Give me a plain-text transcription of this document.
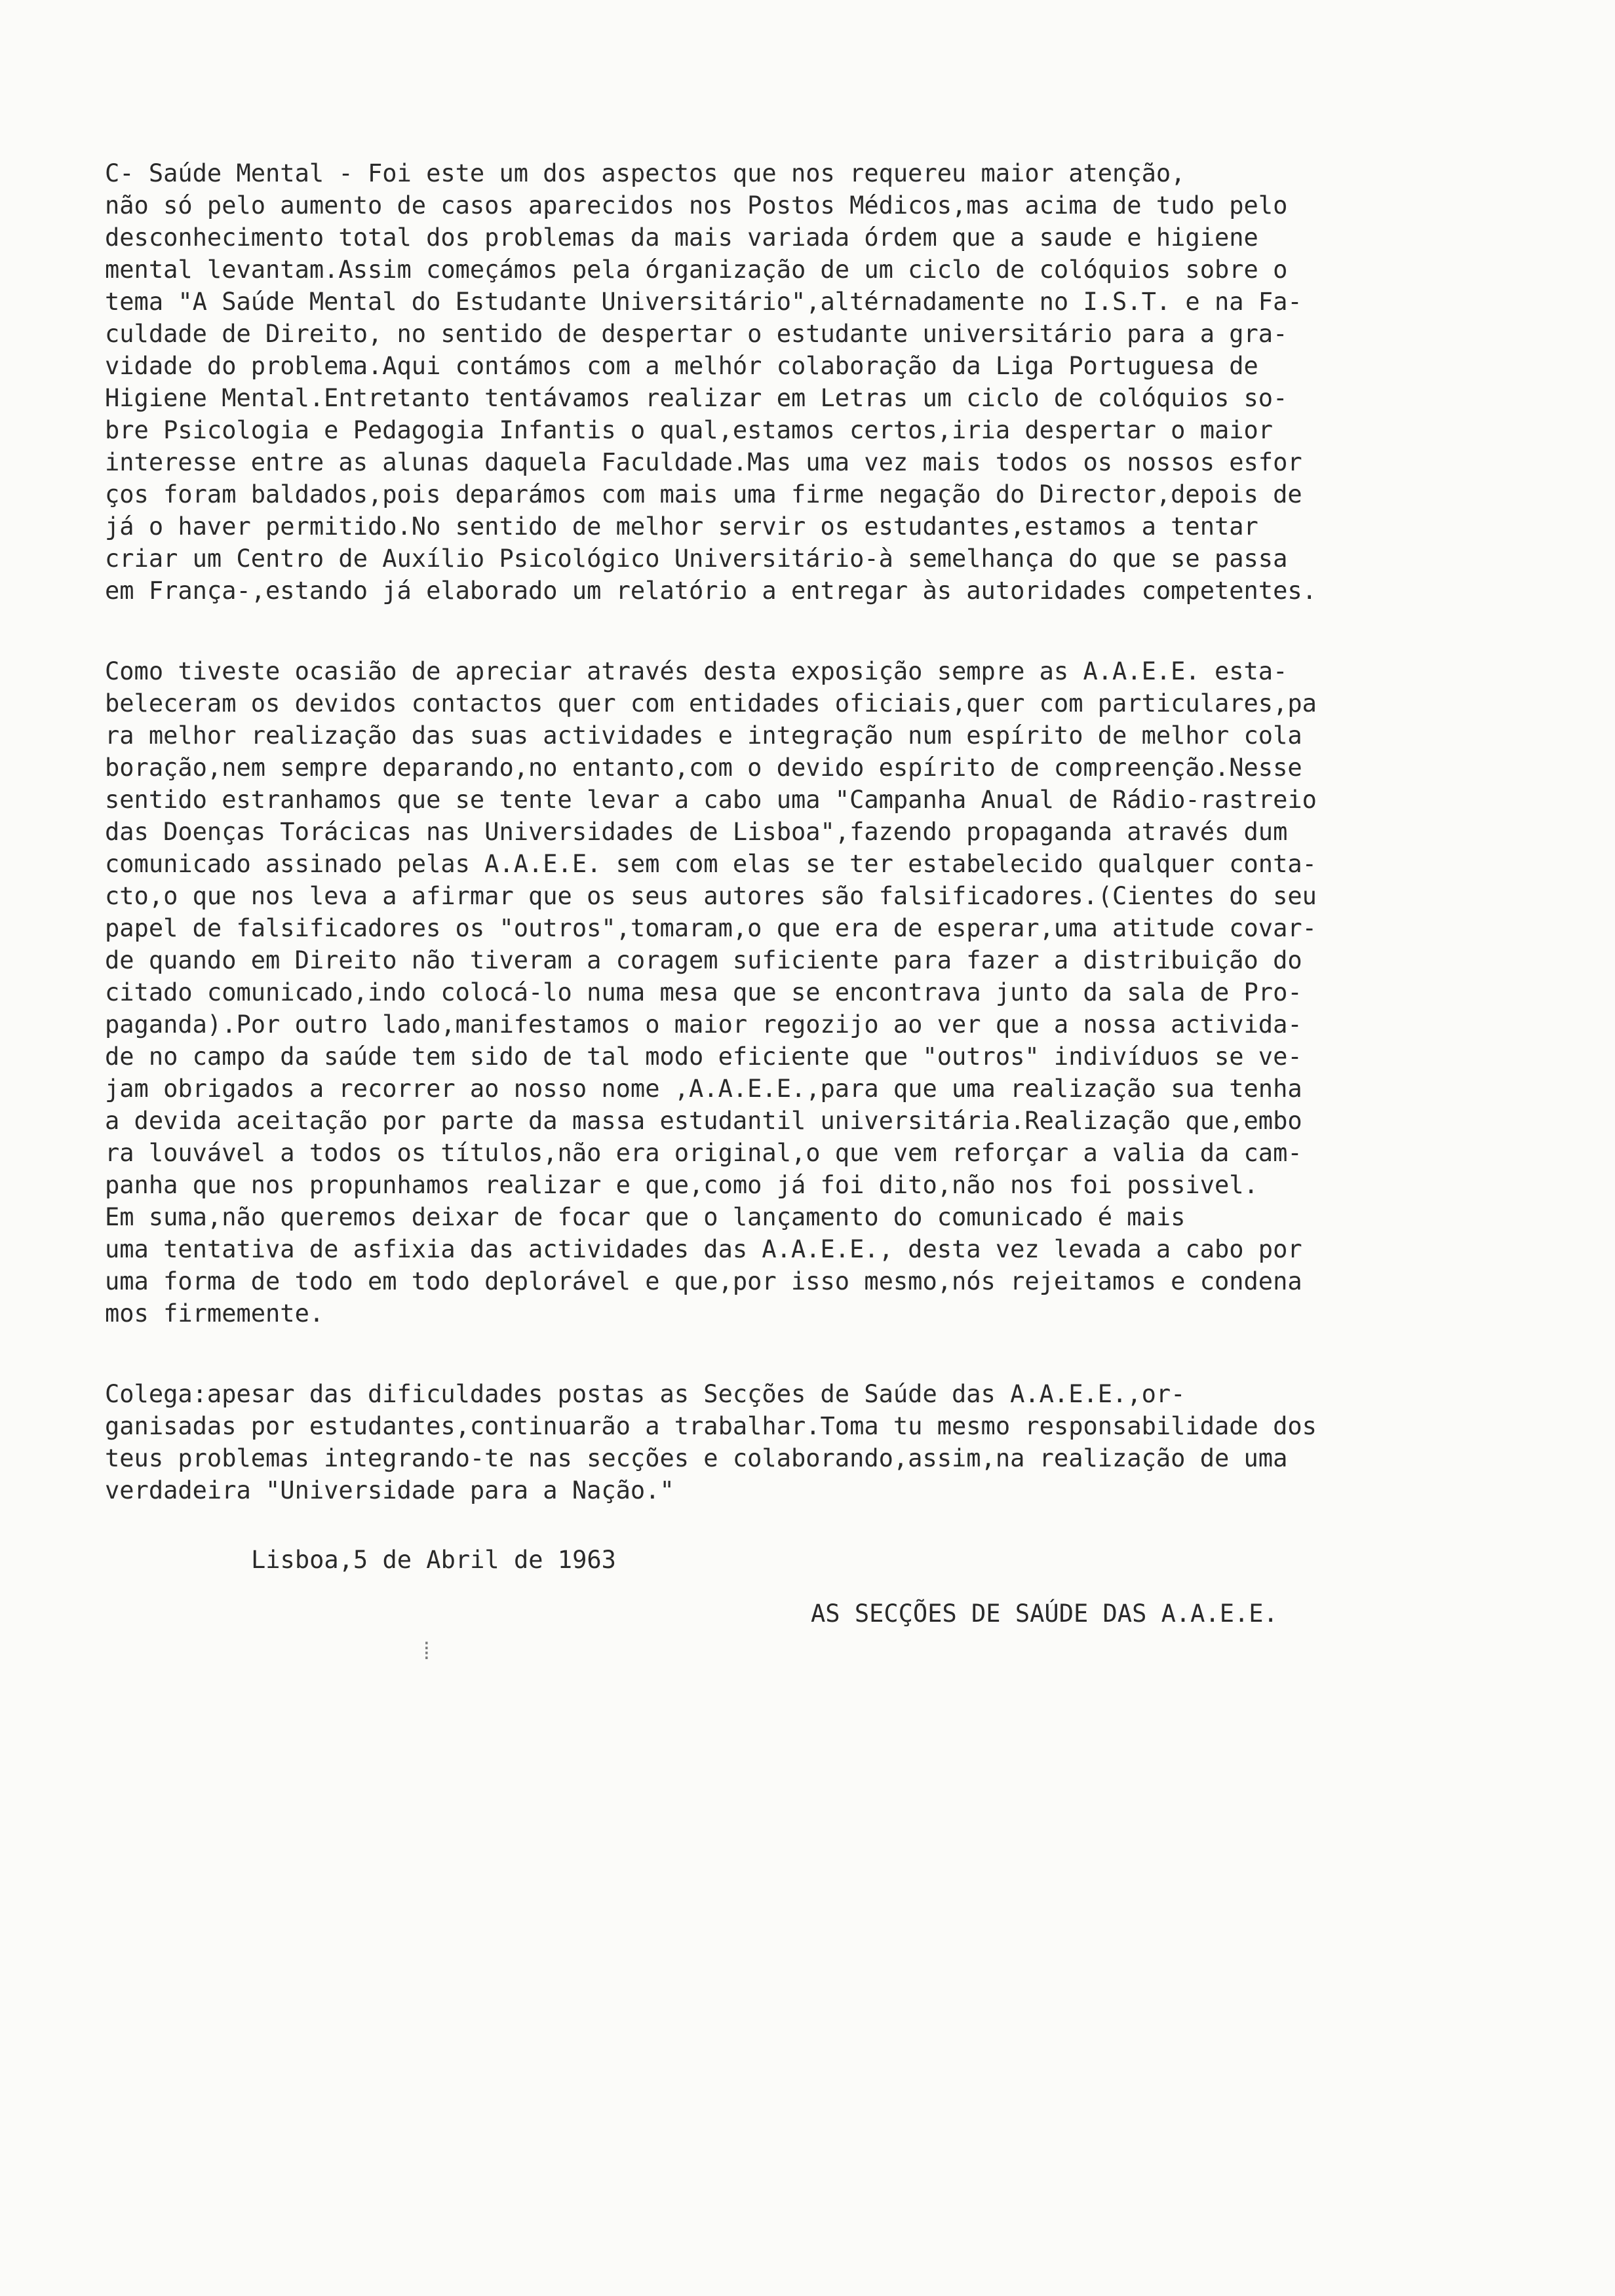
C- Saúde Mental - Foi este um dos aspectos que nos requereu maior atenção,
não só pelo aumento de casos aparecidos nos Postos Médicos,mas acima de tudo pelo
desconhecimento total dos problemas da mais variada órdem que a saude e higiene
mental levantam.Assim começámos pela órganização de um ciclo de colóquios sobre o
tema "A Saúde Mental do Estudante Universitário",altérnadamente no I.S.T. e na Fa-
culdade de Direito, no sentido de despertar o estudante universitário para a gra-
vidade do problema.Aqui contámos com a melhór colaboração da Liga Portuguesa de
Higiene Mental.Entretanto tentávamos realizar em Letras um ciclo de colóquios so-
bre Psicologia e Pedagogia Infantis o qual,estamos certos,iria despertar o maior
interesse entre as alunas daquela Faculdade.Mas uma vez mais todos os nossos esfor
ços foram baldados,pois deparámos com mais uma firme negação do Director,depois de
já o haver permitido.No sentido de melhor servir os estudantes,estamos a tentar
criar um Centro de Auxílio Psicológico Universitário-à semelhança do que se passa
em França-,estando já elaborado um relatório a entregar às autoridades competentes.
Como tiveste ocasião de apreciar através desta exposição sempre as A.A.E.E. esta-
beleceram os devidos contactos quer com entidades oficiais,quer com particulares,pa
ra melhor realização das suas actividades e integração num espírito de melhor cola
boração,nem sempre deparando,no entanto,com o devido espírito de compreenção.Nesse
sentido estranhamos que se tente levar a cabo uma "Campanha Anual de Rádio-rastreio
das Doenças Torácicas nas Universidades de Lisboa",fazendo propaganda através dum
comunicado assinado pelas A.A.E.E. sem com elas se ter estabelecido qualquer conta-
cto,o que nos leva a afirmar que os seus autores são falsificadores.(Cientes do seu
papel de falsificadores os "outros",tomaram,o que era de esperar,uma atitude covar-
de quando em Direito não tiveram a coragem suficiente para fazer a distribuição do
citado comunicado,indo colocá-lo numa mesa que se encontrava junto da sala de Pro-
paganda).Por outro lado,manifestamos o maior regozijo ao ver que a nossa activida-
de no campo da saúde tem sido de tal modo eficiente que "outros" indivíduos se ve-
jam obrigados a recorrer ao nosso nome ,A.A.E.E.,para que uma realização sua tenha
a devida aceitação por parte da massa estudantil universitária.Realização que,embo
ra louvável a todos os títulos,não era original,o que vem reforçar a valia da cam-
panha que nos propunhamos realizar e que,como já foi dito,não nos foi possivel.
Em suma,não queremos deixar de focar que o lançamento do comunicado é mais
uma tentativa de asfixia das actividades das A.A.E.E., desta vez levada a cabo por
uma forma de todo em todo deplorável e que,por isso mesmo,nós rejeitamos e condena
mos firmemente.
Colega:apesar das dificuldades postas as Secções de Saúde das A.A.E.E.,or-
ganisadas por estudantes,continuarão a trabalhar.Toma tu mesmo responsabilidade dos
teus problemas integrando-te nas secções e colaborando,assim,na realização de uma
verdadeira "Universidade para a Nação."
Lisboa,5 de Abril de 1963
AS SECÇÕES DE SAÚDE DAS A.A.E.E.
⁞
